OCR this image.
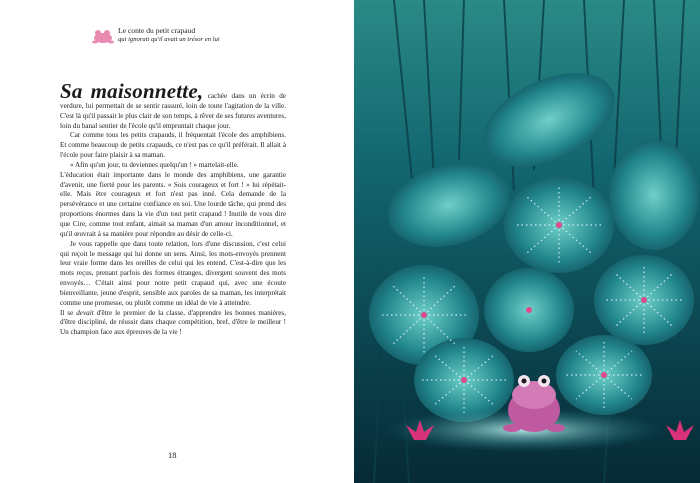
Le conte du petit crapaud
qui ignorait qu'il avait un trésor en lui

Sa maisonnette, cachée dans un écrin de verdure, lui permettait de se sentir rassuré, loin de toute l'agitation de la ville. C'est là qu'il passait le plus clair de son temps, à rêver de ses futures aventures, loin du banal sentier de l'école qu'il empruntait chaque jour.

Car comme tous les petits crapauds, il fréquentait l'école des amphibiens. Et comme beaucoup de petits crapauds, ce n'est pas ce qu'il préférait. Il allait à l'école pour faire plaisir à sa maman.

« Afin qu'un jour, tu deviennes quelqu'un ! » martelait-elle.

L'éducation était importante dans le monde des amphibiens, une garantie d'avenir, une fierté pour les parents. « Sois courageux et fort ! » lui répétait-elle. Mais être courageux et fort n'est pas inné. Cela demande de la persévérance et une certaine confiance en soi. Une lourde tâche, qui prend des proportions énormes dans la vie d'un tout petit crapaud ! Inutile de vous dire que Cire, comme tout enfant, aimait sa maman d'un amour inconditionnel, et qu'il œuvrait à sa manière pour répondre au désir de celle-ci.

Je vous rappelle que dans toute relation, lors d'une discussion, c'est celui qui reçoit le message qui lui donne un sens. Ainsi, les mots-envoyés prennent leur vraie forme dans les oreilles de celui qui les entend. C'est-à-dire que les mots reçus, prenant parfois des formes étranges, divergent souvent des mots envoyés… C'était ainsi pour notre petit crapaud qui, avec une écoute bienveillante, jeune d'esprit, sensible aux paroles de sa maman, les interprétait comme une promesse, ou plutôt comme un idéal de vie à atteindre.

Il se devait d'être le premier de la classe, d'apprendre les bonnes manières, d'être discipliné, de réussir dans chaque compétition, bref, d'être le meilleur ! Un champion face aux épreuves de la vie !

18
